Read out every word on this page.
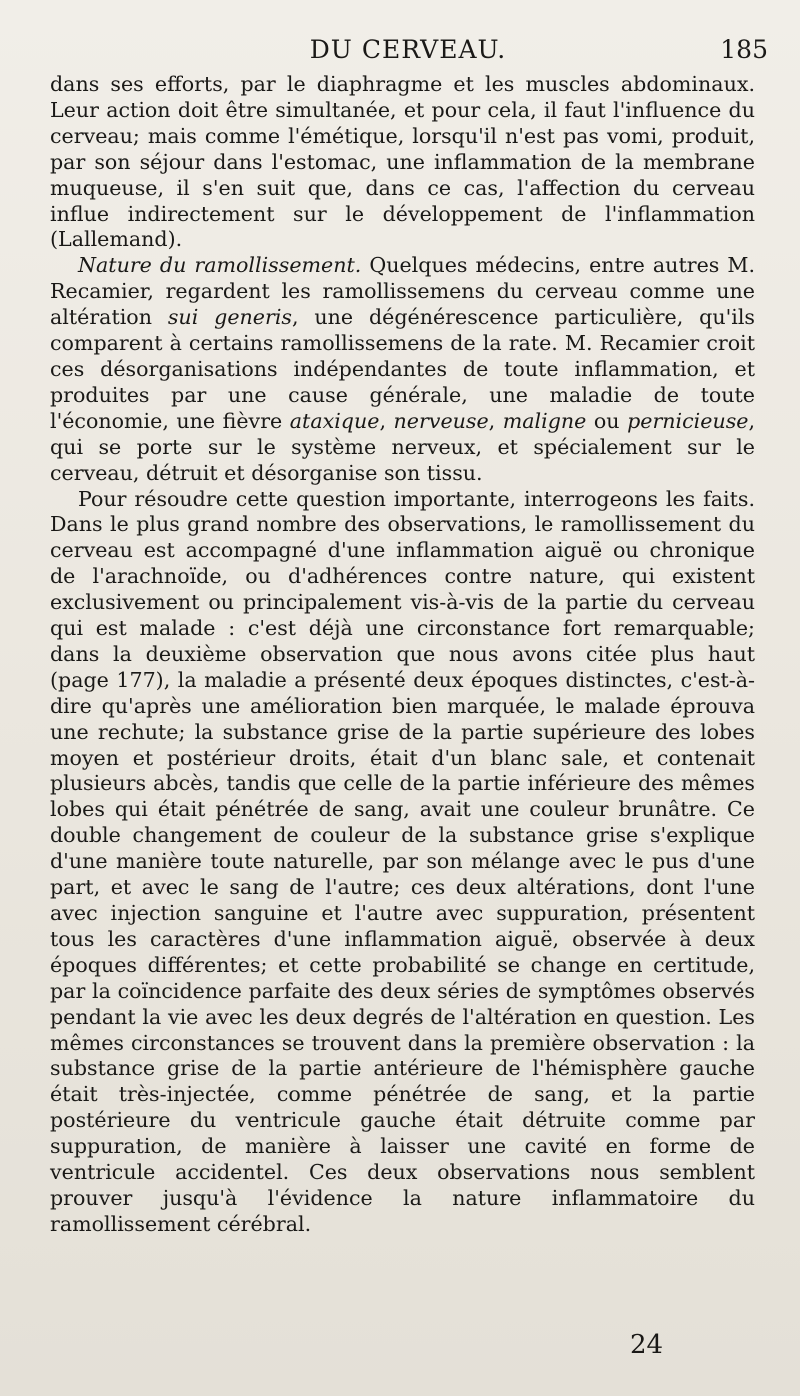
DU CERVEAU.	185

dans ses efforts, par le diaphragme et les muscles abdominaux. Leur action doit être simultanée, et pour cela, il faut l'influence du cerveau; mais comme l'émétique, lorsqu'il n'est pas vomi, produit, par son séjour dans l'estomac, une inflammation de la membrane muqueuse, il s'en suit que, dans ce cas, l'affection du cerveau influe indirectement sur le développement de l'inflammation (Lallemand).

Nature du ramollissement. Quelques médecins, entre autres M. Recamier, regardent les ramollissemens du cerveau comme une altération sui generis, une dégénérescence particulière, qu'ils comparent à certains ramollissemens de la rate. M. Recamier croit ces désorganisations indépendantes de toute inflammation, et produites par une cause générale, une maladie de toute l'économie, une fièvre ataxique, nerveuse, maligne ou pernicieuse, qui se porte sur le système nerveux, et spécialement sur le cerveau, détruit et désorganise son tissu.

Pour résoudre cette question importante, interrogeons les faits. Dans le plus grand nombre des observations, le ramollissement du cerveau est accompagné d'une inflammation aiguë ou chronique de l'arachnoïde, ou d'adhérences contre nature, qui existent exclusivement ou principalement vis-à-vis de la partie du cerveau qui est malade : c'est déjà une circonstance fort remarquable; dans la deuxième observation que nous avons citée plus haut (page 177), la maladie a présenté deux époques distinctes, c'est-à-dire qu'après une amélioration bien marquée, le malade éprouva une rechute; la substance grise de la partie supérieure des lobes moyen et postérieur droits, était d'un blanc sale, et contenait plusieurs abcès, tandis que celle de la partie inférieure des mêmes lobes qui était pénétrée de sang, avait une couleur brunâtre. Ce double changement de couleur de la substance grise s'explique d'une manière toute naturelle, par son mélange avec le pus d'une part, et avec le sang de l'autre; ces deux altérations, dont l'une avec injection sanguine et l'autre avec suppuration, présentent tous les caractères d'une inflammation aiguë, observée à deux époques différentes; et cette probabilité se change en certitude, par la coïncidence parfaite des deux séries de symptômes observés pendant la vie avec les deux degrés de l'altération en question. Les mêmes circonstances se trouvent dans la première observation : la substance grise de la partie antérieure de l'hémisphère gauche était très-injectée, comme pénétrée de sang, et la partie postérieure du ventricule gauche était détruite comme par suppuration, de manière à laisser une cavité en forme de ventricule accidentel. Ces deux observations nous semblent prouver jusqu'à l'évidence la nature inflammatoire du ramollissement cérébral.

24
